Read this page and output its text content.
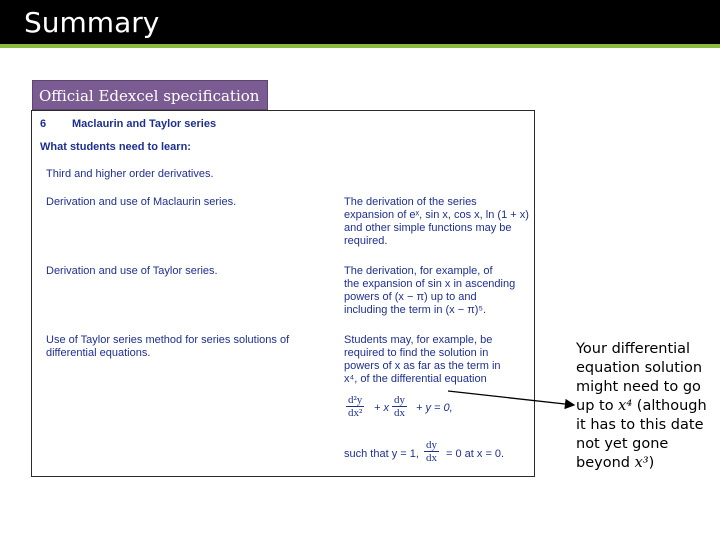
Summary
Official Edexcel specification
6 Maclaurin and Taylor series
What students need to learn:
Third and higher order derivatives.
Derivation and use of Maclaurin series.
Derivation and use of Taylor series.
Use of Taylor series method for series solutions of
differential equations.
The derivation of the series
expansion of eˣ, sin x, cos x, ln (1 + x)
and other simple functions may be
required.
The derivation, for example, of
the expansion of sin x in ascending
powers of (x − π) up to and
including the term in (x − π)⁵.
Students may, for example, be
required to find the solution in
powers of x as far as the term in
x⁴, of the differential equation
$\frac{\text{d²y}}{\text{dx²}} + x \frac{dy}{dx} + y = 0$,
such that y = 1, $\frac{dy}{dx} = 0$ at x = 0.
Your differential
equation solution
might need to go
up to x⁴ (although
it has to this date
not yet gone
beyond x³)
